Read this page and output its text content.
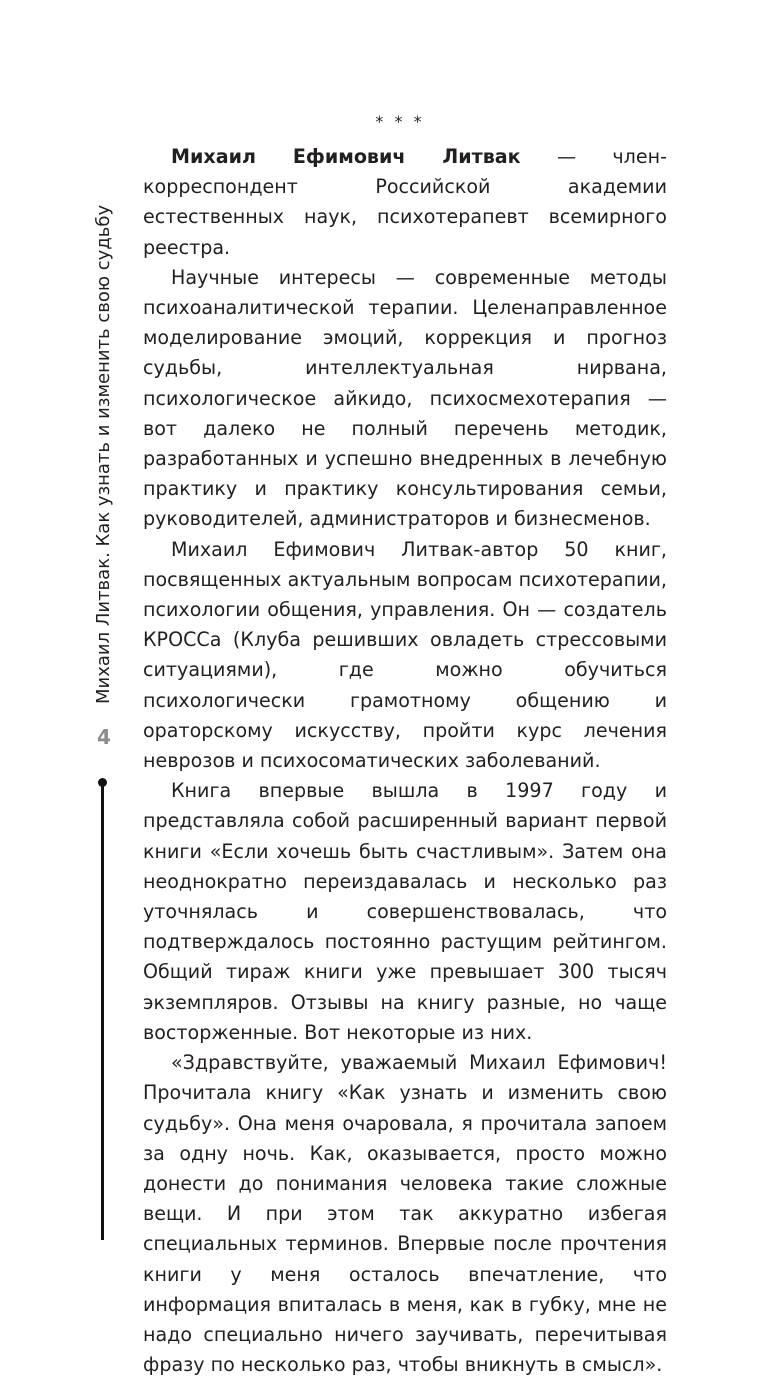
* * *
Михаил Литвак. Как узнать и изменить свою судьбу
4

Михаил Ефимович Литвак — член-корреспондент Российской академии естественных наук, психотерапевт всемирного реестра.

Научные интересы — современные методы психоаналитической терапии. Целенаправленное моделирование эмоций, коррекция и прогноз судьбы, интеллектуальная нирвана, психологическое айкидо, психосмехотерапия — вот далеко не полный перечень методик, разработанных и успешно внедренных в лечебную практику и практику консультирования семьи, руководителей, администраторов и бизнесменов.

Михаил Ефимович Литвак-автор 50 книг, посвященных актуальным вопросам психотерапии, психологии общения, управления. Он — создатель КРОССа (Клуба решивших овладеть стрессовыми ситуациями), где можно обучиться психологически грамотному общению и ораторскому искусству, пройти курс лечения неврозов и психосоматических заболеваний.

Книга впервые вышла в 1997 году и представляла собой расширенный вариант первой книги «Если хочешь быть счастливым». Затем она неоднократно переиздавалась и несколько раз уточнялась и совершенствовалась, что подтверждалось постоянно растущим рейтингом. Общий тираж книги уже превышает 300 тысяч экземпляров. Отзывы на книгу разные, но чаще восторженные. Вот некоторые из них.

«Здравствуйте, уважаемый Михаил Ефимович! Прочитала книгу «Как узнать и изменить свою судьбу». Она меня очаровала, я прочитала запоем за одну ночь. Как, оказывается, просто можно донести до понимания человека такие сложные вещи. И при этом так аккуратно избегая специальных терминов. Впервые после прочтения книги у меня осталось впечатление, что информация впиталась в меня, как в губку, мне не надо специально ничего заучивать, перечитывая фразу по несколько раз, чтобы вникнуть в смысл».
